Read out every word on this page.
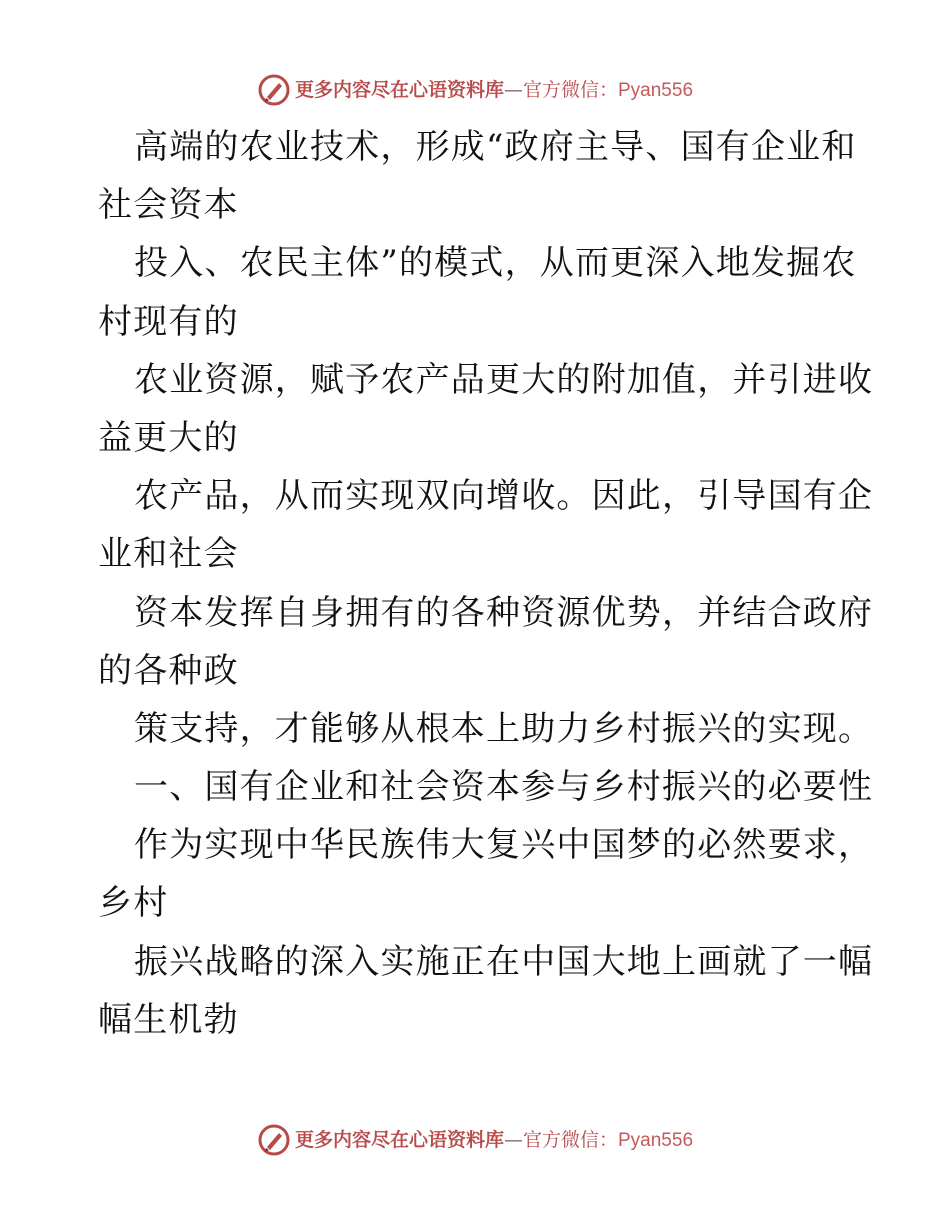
更多内容尽在心语资料库—官方微信：Pyan556
高端的农业技术，形成“政府主导、国有企业和
社会资本
投入、农民主体”的模式，从而更深入地发掘农
村现有的
农业资源，赋予农产品更大的附加值，并引进收
益更大的
农产品，从而实现双向增收。因此，引导国有企
业和社会
资本发挥自身拥有的各种资源优势，并结合政府
的各种政
策支持，才能够从根本上助力乡村振兴的实现。
一、国有企业和社会资本参与乡村振兴的必要性
作为实现中华民族伟大复兴中国梦的必然要求，
乡村
振兴战略的深入实施正在中国大地上画就了一幅
幅生机勃
更多内容尽在心语资料库—官方微信：Pyan556
